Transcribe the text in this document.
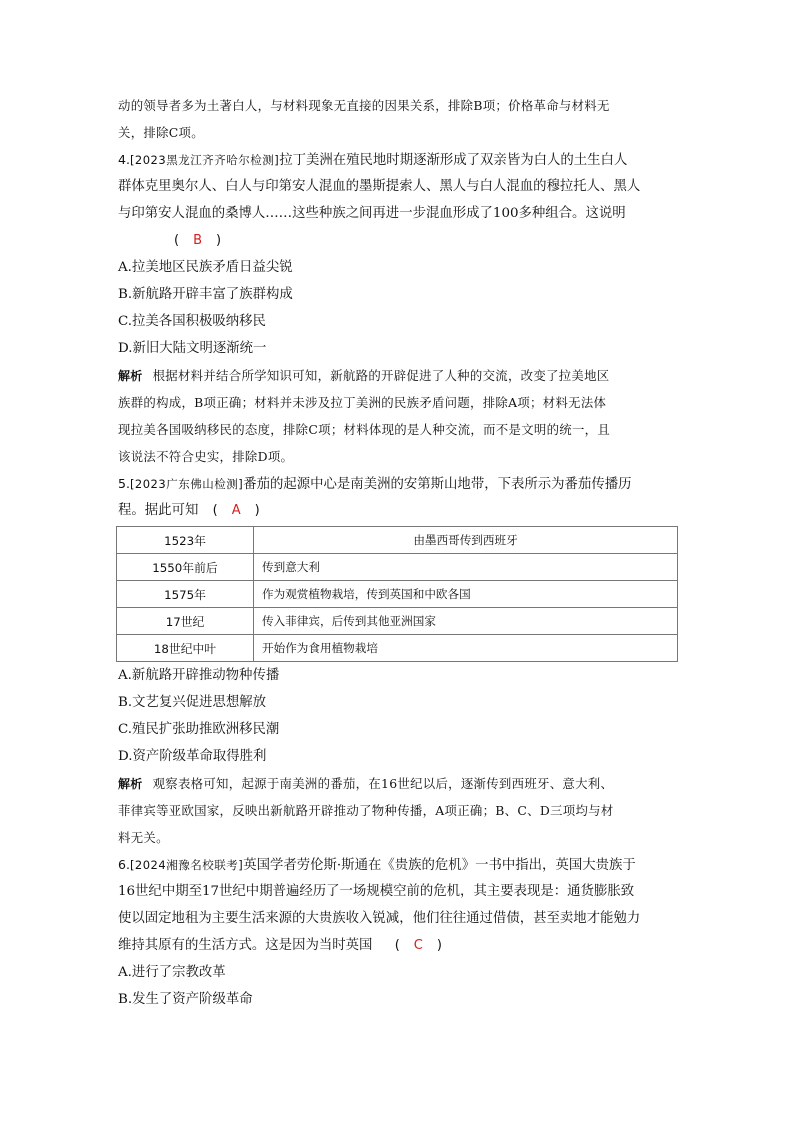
动的领导者多为土著白人，与材料现象无直接的因果关系，排除B项；价格革命与材料无
关，排除C项。
4.[2023黑龙江齐齐哈尔检测]拉丁美洲在殖民地时期逐渐形成了双亲皆为白人的土生白人
群体克里奥尔人、白人与印第安人混血的墨斯提索人、黑人与白人混血的穆拉托人、黑人
与印第安人混血的桑博人……这些种族之间再进一步混血形成了100多种组合。这说明
( B )
A.拉美地区民族矛盾日益尖锐
B.新航路开辟丰富了族群构成
C.拉美各国积极吸纳移民
D.新旧大陆文明逐渐统一
解析 根据材料并结合所学知识可知，新航路的开辟促进了人种的交流，改变了拉美地区
族群的构成，B项正确；材料并未涉及拉丁美洲的民族矛盾问题，排除A项；材料无法体
现拉美各国吸纳移民的态度，排除C项；材料体现的是人种交流，而不是文明的统一，且
该说法不符合史实，排除D项。
5.[2023广东佛山检测]番茄的起源中心是南美洲的安第斯山地带，下表所示为番茄传播历
程。据此可知 ( A )
1523年	由墨西哥传到西班牙
1550年前后	传到意大利
1575年	作为观赏植物栽培，传到英国和中欧各国
17世纪	传入菲律宾，后传到其他亚洲国家
18世纪中叶	开始作为食用植物栽培
A.新航路开辟推动物种传播
B.文艺复兴促进思想解放
C.殖民扩张助推欧洲移民潮
D.资产阶级革命取得胜利
解析 观察表格可知，起源于南美洲的番茄，在16世纪以后，逐渐传到西班牙、意大利、
菲律宾等亚欧国家，反映出新航路开辟推动了物种传播，A项正确；B、C、D三项均与材
料无关。
6.[2024湘豫名校联考]英国学者劳伦斯·斯通在《贵族的危机》一书中指出，英国大贵族于
16世纪中期至17世纪中期普遍经历了一场规模空前的危机，其主要表现是：通货膨胀致
使以固定地租为主要生活来源的大贵族收入锐减，他们往往通过借债，甚至卖地才能勉力
维持其原有的生活方式。这是因为当时英国 ( C )
A.进行了宗教改革
B.发生了资产阶级革命
